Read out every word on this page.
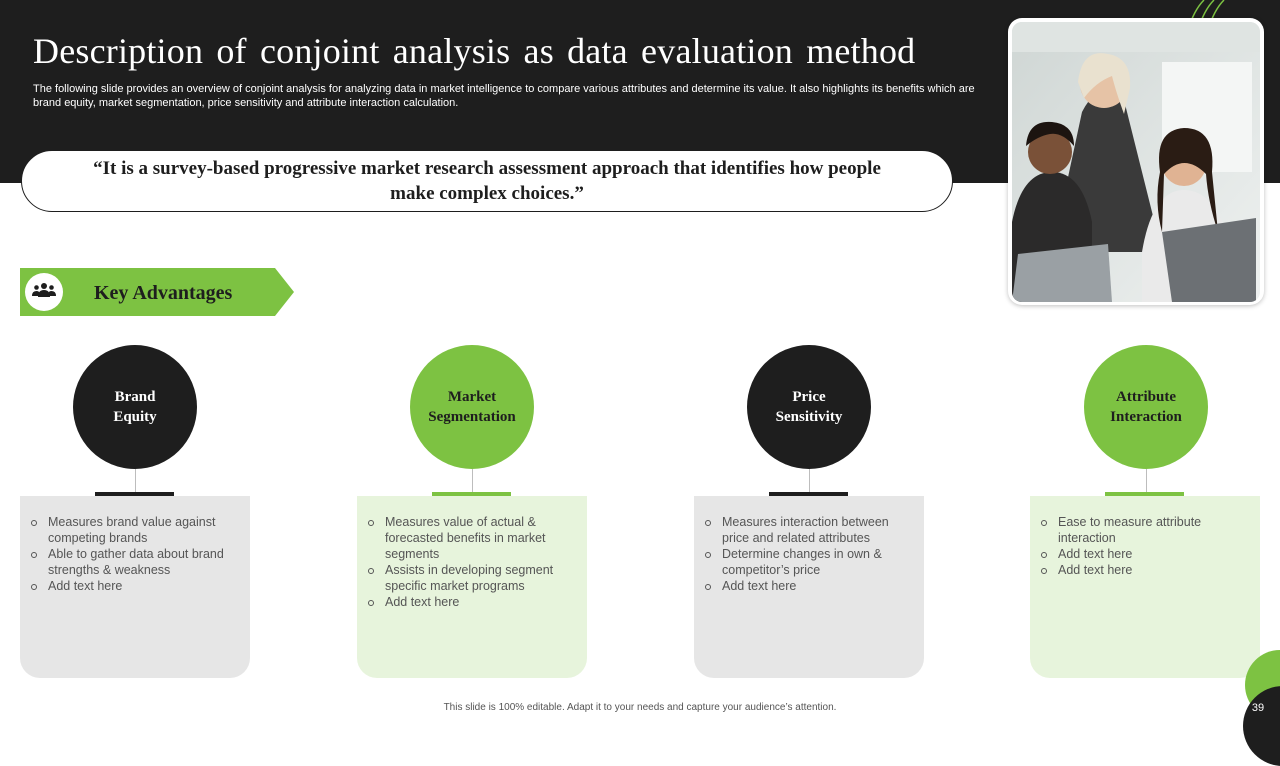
Description of conjoint analysis as data evaluation method

The following slide provides an overview of conjoint analysis for analyzing data in market intelligence to compare various attributes and determine its value. It also highlights its benefits which are brand equity, market segmentation, price sensitivity and attribute interaction calculation.

“It is a survey-based progressive market research assessment approach that identifies how people make complex choices.”
Key Advantages
Brand
Equity
Measures brand value against competing brands
Able to gather data about brand strengths & weakness
Add text here
Market
Segmentation
Measures value of actual & forecasted benefits in market segments
Assists in developing segment specific market programs
Add text here
Price
Sensitivity
Measures interaction between price and related attributes
Determine changes in own & competitor’s price
Add text here
Attribute
Interaction
Ease to measure attribute interaction
Add text here
Add text here
This slide is 100% editable. Adapt it to your needs and capture your audience’s attention.	39
